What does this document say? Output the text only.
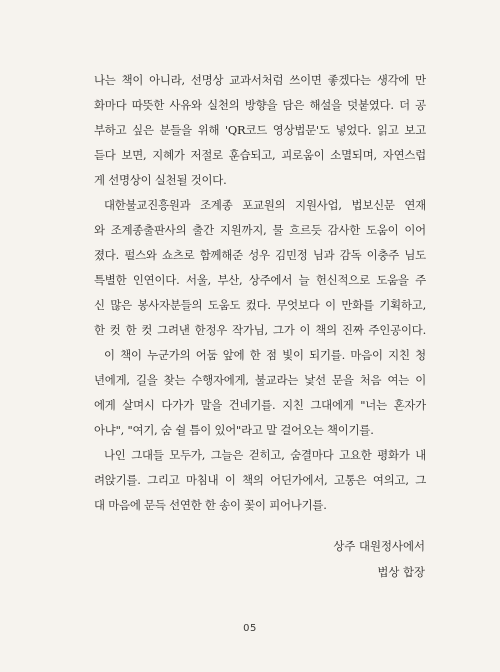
나는 책이 아니라, 선명상 교과서처럼 쓰이면 좋겠다는 생각에 만
화마다 따뜻한 사유와 실천의 방향을 담은 해설을 덧붙였다. 더 공
부하고 싶은 분들을 위해 'QR코드 영상법문'도 넣었다. 읽고 보고
듣다 보면, 지혜가 저절로 훈습되고, 괴로움이 소멸되며, 자연스럽
게 선명상이 실천될 것이다.
대한불교진흥원과 조계종 포교원의 지원사업, 법보신문 연재
와 조계종출판사의 출간 지원까지, 물 흐르듯 감사한 도움이 이어
졌다. 펄스와 쇼츠로 함께해준 성우 김민정 님과 감독 이충주 님도
특별한 인연이다. 서울, 부산, 상주에서 늘 헌신적으로 도움을 주
신 많은 봉사자분들의 도움도 컸다. 무엇보다 이 만화를 기획하고,
한 컷 한 컷 그려낸 한정우 작가님, 그가 이 책의 진짜 주인공이다.
이 책이 누군가의 어둠 앞에 한 점 빛이 되기를. 마음이 지친 청
년에게, 길을 찾는 수행자에게, 불교라는 낯선 문을 처음 여는 이
에게 살며시 다가가 말을 건네기를. 지친 그대에게 "너는 혼자가
아냐", "여기, 숨 쉴 틈이 있어"라고 말 걸어오는 책이기를.
나인 그대들 모두가, 그늘은 걷히고, 숨결마다 고요한 평화가 내
려앉기를. 그리고 마침내 이 책의 어딘가에서, 고통은 여의고, 그
대 마음에 문득 선연한 한 송이 꽃이 피어나기를.
상주 대원정사에서
법상 합장
05
